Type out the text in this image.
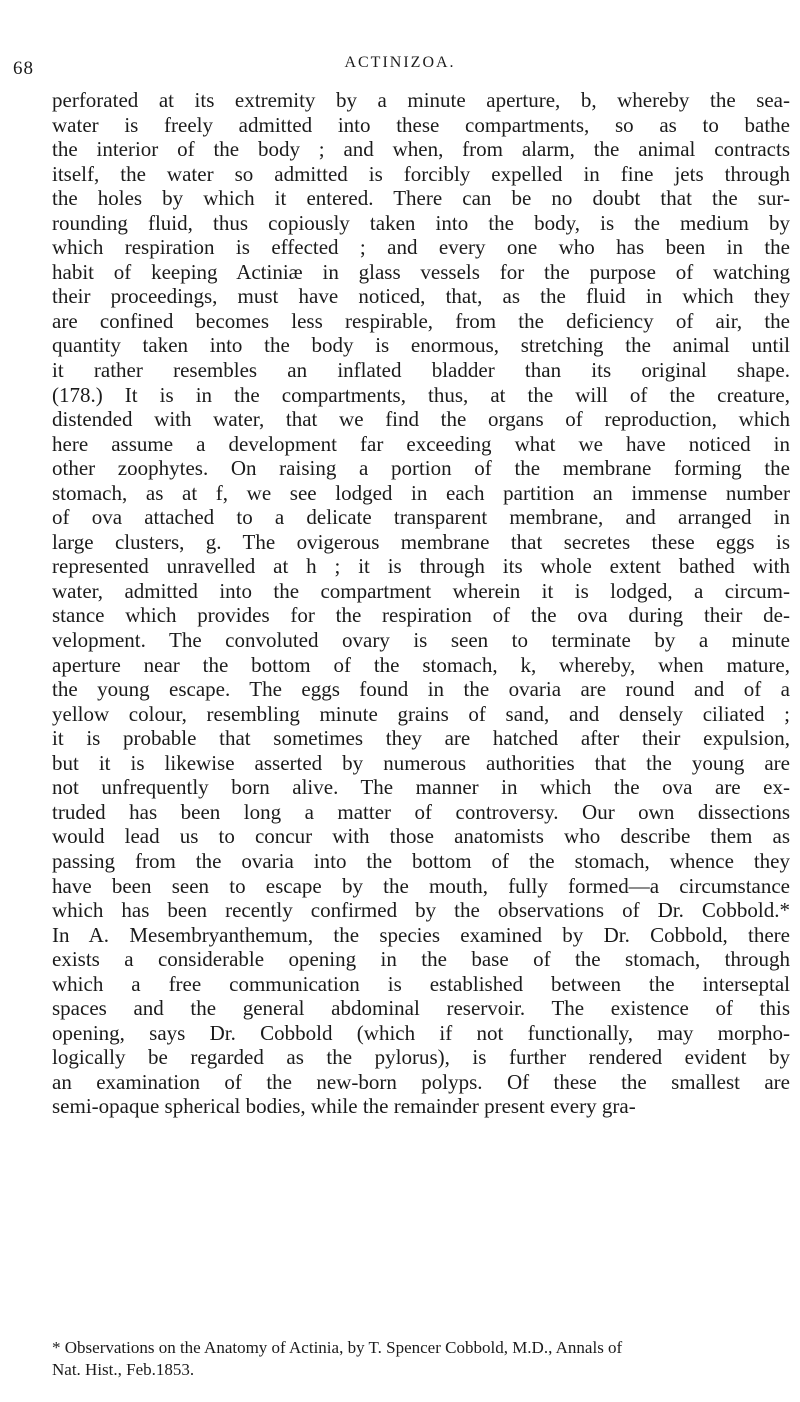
68	ACTINIZOA.
perforated at its extremity by a minute aperture, b, whereby the sea-
water is freely admitted into these compartments, so as to bathe
the interior of the body ; and when, from alarm, the animal contracts
itself, the water so admitted is forcibly expelled in fine jets through
the holes by which it entered. There can be no doubt that the sur-
rounding fluid, thus copiously taken into the body, is the medium by
which respiration is effected ; and every one who has been in the
habit of keeping Actiniæ in glass vessels for the purpose of watching
their proceedings, must have noticed, that, as the fluid in which they
are confined becomes less respirable, from the deficiency of air, the
quantity taken into the body is enormous, stretching the animal until
it rather resembles an inflated bladder than its original shape.
(178.) It is in the compartments, thus, at the will of the creature,
distended with water, that we find the organs of reproduction, which
here assume a development far exceeding what we have noticed in
other zoophytes. On raising a portion of the membrane forming the
stomach, as at f, we see lodged in each partition an immense number
of ova attached to a delicate transparent membrane, and arranged in
large clusters, g. The ovigerous membrane that secretes these eggs is
represented unravelled at h ; it is through its whole extent bathed with
water, admitted into the compartment wherein it is lodged, a circum-
stance which provides for the respiration of the ova during their de-
velopment. The convoluted ovary is seen to terminate by a minute
aperture near the bottom of the stomach, k, whereby, when mature,
the young escape. The eggs found in the ovaria are round and of a
yellow colour, resembling minute grains of sand, and densely ciliated ;
it is probable that sometimes they are hatched after their expulsion,
but it is likewise asserted by numerous authorities that the young are
not unfrequently born alive. The manner in which the ova are ex-
truded has been long a matter of controversy. Our own dissections
would lead us to concur with those anatomists who describe them as
passing from the ovaria into the bottom of the stomach, whence they
have been seen to escape by the mouth, fully formed—a circumstance
which has been recently confirmed by the observations of Dr. Cobbold.*
In A. Mesembryanthemum, the species examined by Dr. Cobbold, there
exists a considerable opening in the base of the stomach, through
which a free communication is established between the interseptal
spaces and the general abdominal reservoir. The existence of this
opening, says Dr. Cobbold (which if not functionally, may morpho-
logically be regarded as the pylorus), is further rendered evident by
an examination of the new-born polyps. Of these the smallest are
semi-opaque spherical bodies, while the remainder present every gra-
* Observations on the Anatomy of Actinia, by T. Spencer Cobbold, M.D., Annals of
Nat. Hist., Feb.1853.
